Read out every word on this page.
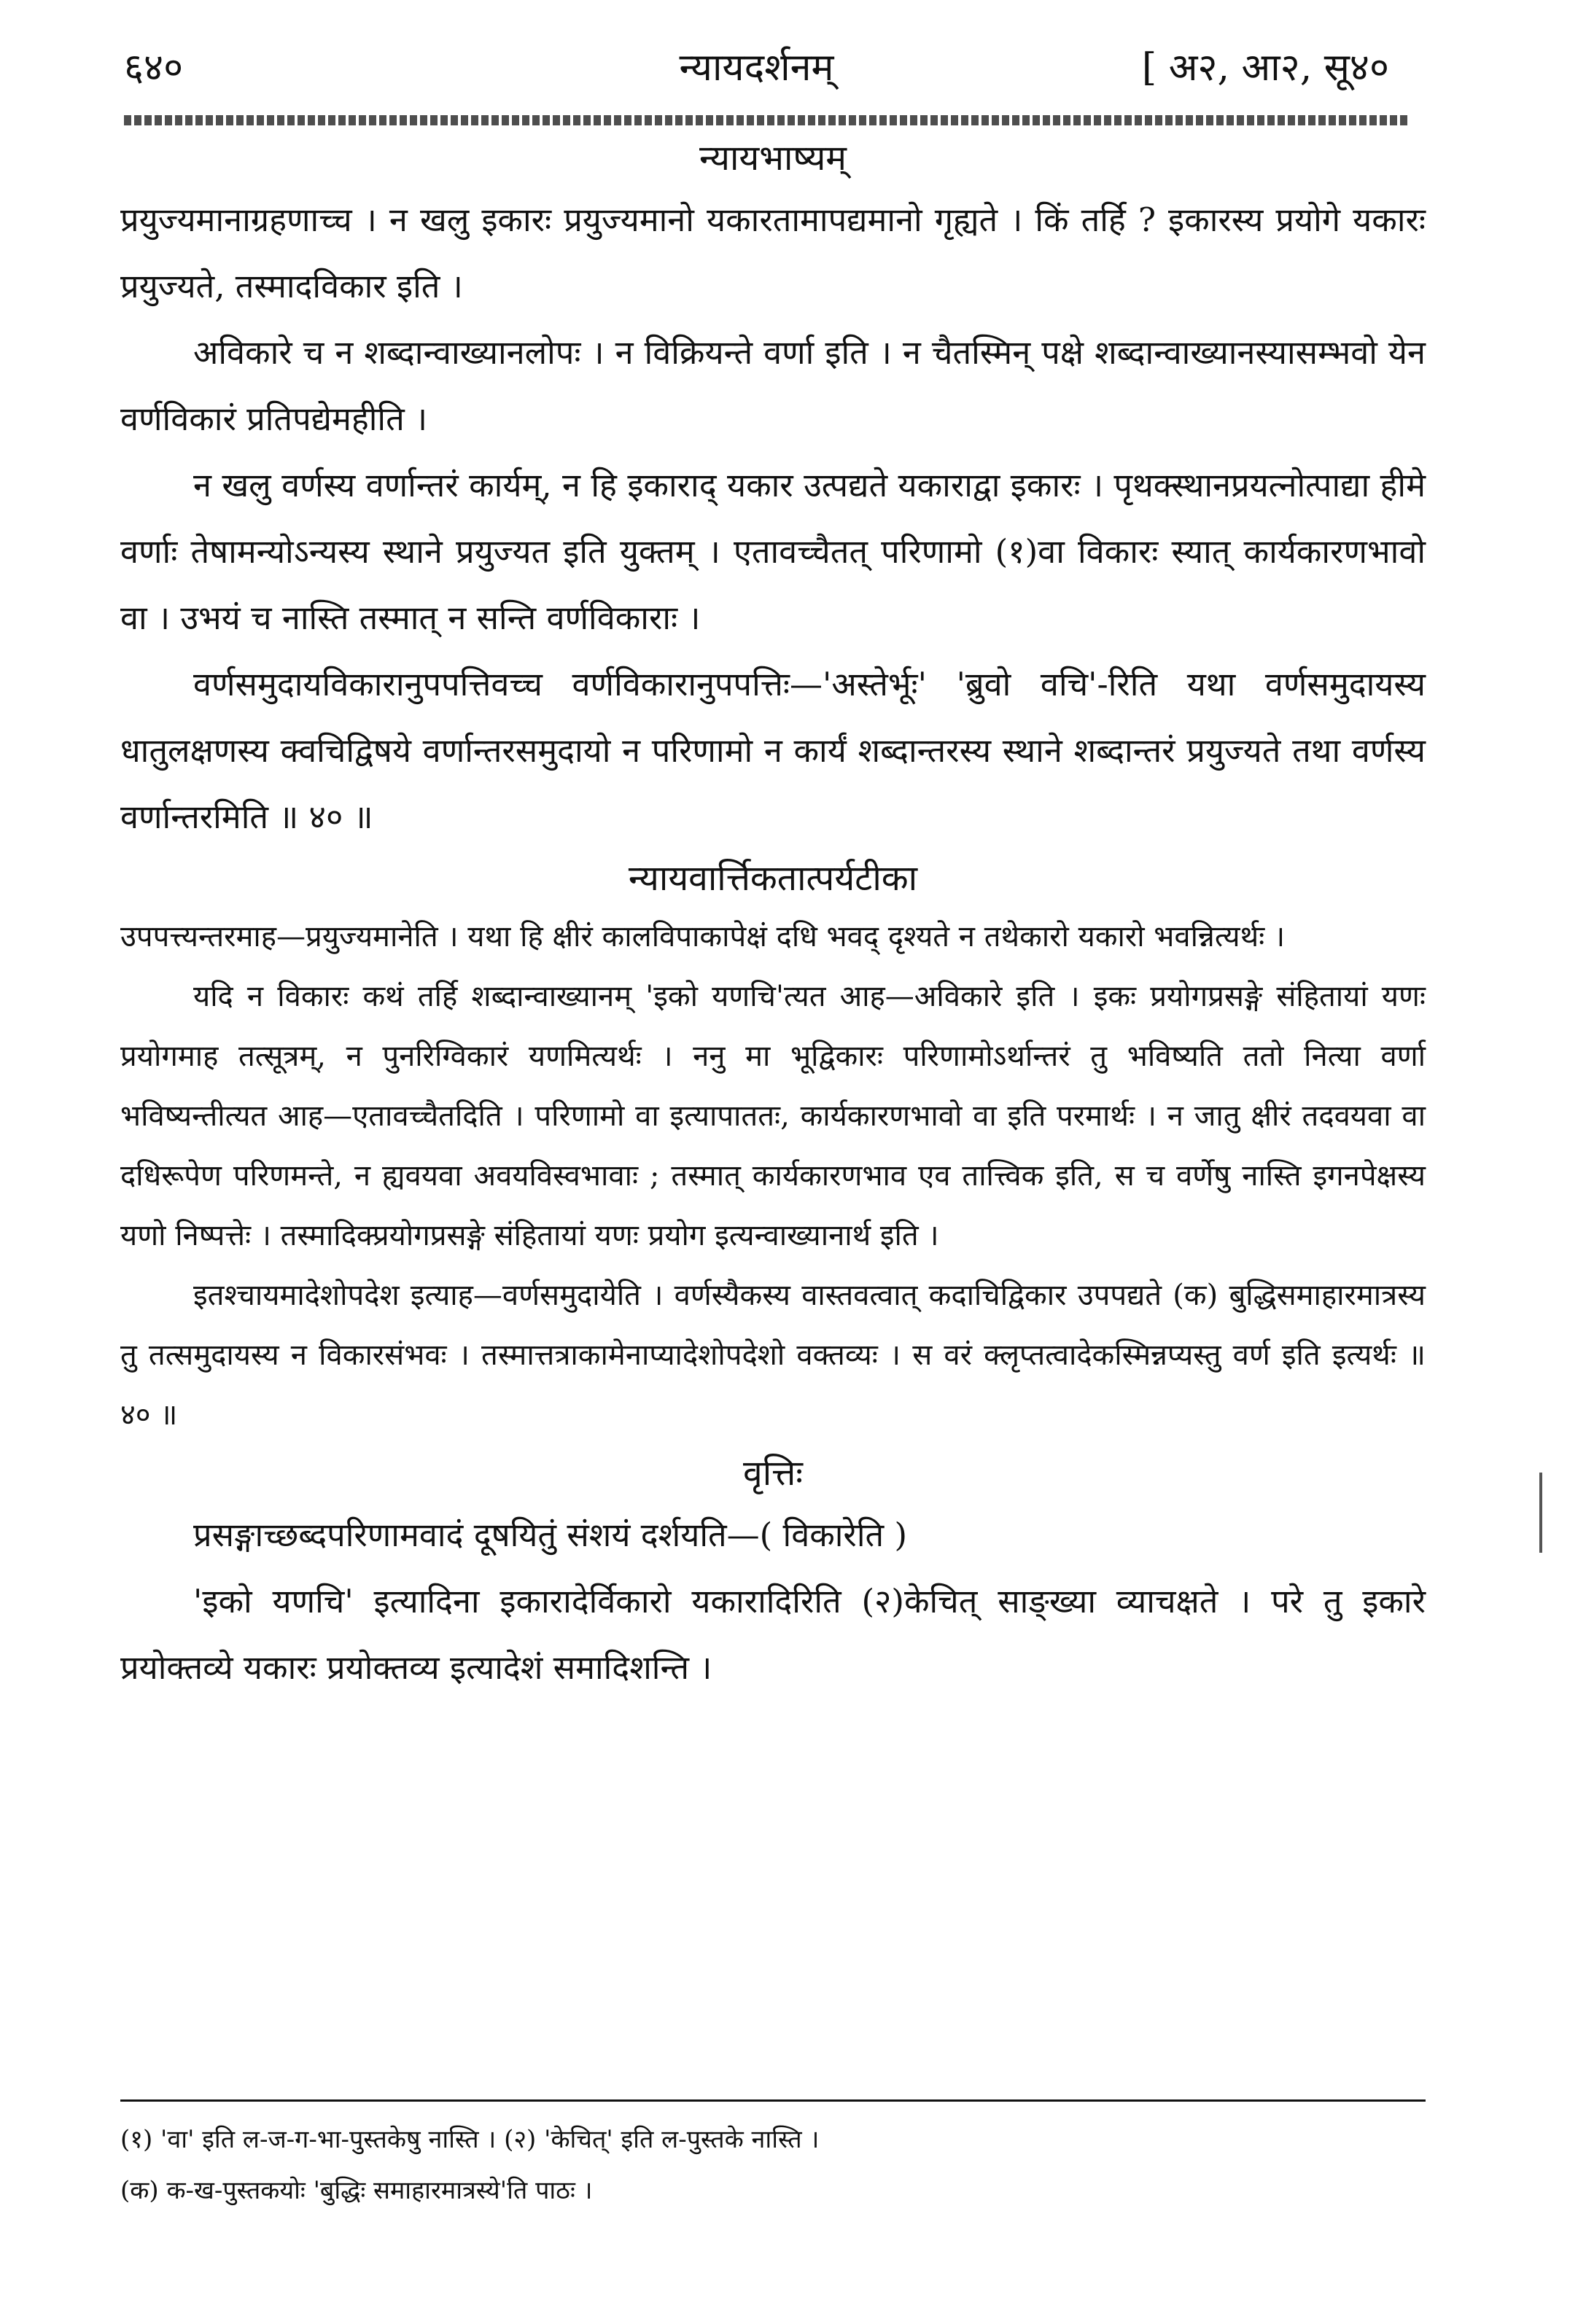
६४०	न्यायदर्शनम्	[ अ२, आ२, सू४०
न्यायभाष्यम्

प्रयुज्यमानाग्रहणाच्च । न खलु इकारः प्रयुज्यमानो यकारतामापद्यमानो गृह्यते । किं तर्हि ? इकारस्य प्रयोगे यकारः प्रयुज्यते, तस्मादविकार इति ।

अविकारे च न शब्दान्वाख्यानलोपः । न विक्रियन्ते वर्णा इति । न चैतस्मिन् पक्षे शब्दान्वाख्यानस्यासम्भवो येन वर्णविकारं प्रतिपद्येमहीति ।

न खलु वर्णस्य वर्णान्तरं कार्यम्, न हि इकाराद् यकार उत्पद्यते यकाराद्वा इकारः । पृथक्स्थानप्रयत्नोत्पाद्या हीमे वर्णाः तेषामन्योऽन्यस्य स्थाने प्रयुज्यत इति युक्तम् । एतावच्चैतत् परिणामो (१)वा विकारः स्यात् कार्यकारणभावो वा । उभयं च नास्ति तस्मात् न सन्ति वर्णविकाराः ।

वर्णसमुदायविकारानुपपत्तिवच्च वर्णविकारानुपपत्तिः—'अस्तेर्भूः' 'ब्रुवो वचि'-रिति यथा वर्णसमुदायस्य धातुलक्षणस्य क्वचिद्विषये वर्णान्तरसमुदायो न परिणामो न कार्यं शब्दान्तरस्य स्थाने शब्दान्तरं प्रयुज्यते तथा वर्णस्य वर्णान्तरमिति ॥ ४० ॥

न्यायवार्त्तिकतात्पर्यटीका

उपपत्त्यन्तरमाह—प्रयुज्यमानेति । यथा हि क्षीरं कालविपाकापेक्षं दधि भवद् दृश्यते न तथेकारो यकारो भवन्नित्यर्थः ।

यदि न विकारः कथं तर्हि शब्दान्वाख्यानम् 'इको यणचि'त्यत आह—अविकारे इति । इकः प्रयोगप्रसङ्गे संहितायां यणः प्रयोगमाह तत्सूत्रम्, न पुनरिग्विकारं यणमित्यर्थः । ननु मा भूद्विकारः परिणामोऽर्थान्तरं तु भविष्यति ततो नित्या वर्णा भविष्यन्तीत्यत आह—एतावच्चैतदिति । परिणामो वा इत्यापाततः, कार्यकारणभावो वा इति परमार्थः । न जातु क्षीरं तदवयवा वा दधिरूपेण परिणमन्ते, न ह्यवयवा अवयविस्वभावाः ; तस्मात् कार्यकारणभाव एव तात्त्विक इति, स च वर्णेषु नास्ति इगनपेक्षस्य यणो निष्पत्तेः । तस्मादिक्प्रयोगप्रसङ्गे संहितायां यणः प्रयोग इत्यन्वाख्यानार्थ इति ।

इतश्चायमादेशोपदेश इत्याह—वर्णसमुदायेति । वर्णस्यैकस्य वास्तवत्वात् कदाचिद्विकार उपपद्यते (क) बुद्धिसमाहारमात्रस्य तु तत्समुदायस्य न विकारसंभवः । तस्मात्तत्राकामेनाप्यादेशोपदेशो वक्तव्यः । स वरं क्लृप्तत्वादेकस्मिन्नप्यस्तु वर्ण इति इत्यर्थः ॥ ४० ॥

वृत्तिः

प्रसङ्गाच्छब्दपरिणामवादं दूषयितुं संशयं दर्शयति—( विकारेति )

'इको यणचि' इत्यादिना इकारादेर्विकारो यकारादिरिति (२)केचित् साङ्ख्या व्याचक्षते । परे तु इकारे प्रयोक्तव्ये यकारः प्रयोक्तव्य इत्यादेशं समादिशन्ति ।

(१) 'वा' इति ल-ज-ग-भा-पुस्तकेषु नास्ति । (२) 'केचित्' इति ल-पुस्तके नास्ति ।
(क) क-ख-पुस्तकयोः 'बुद्धिः समाहारमात्रस्ये'ति पाठः ।
